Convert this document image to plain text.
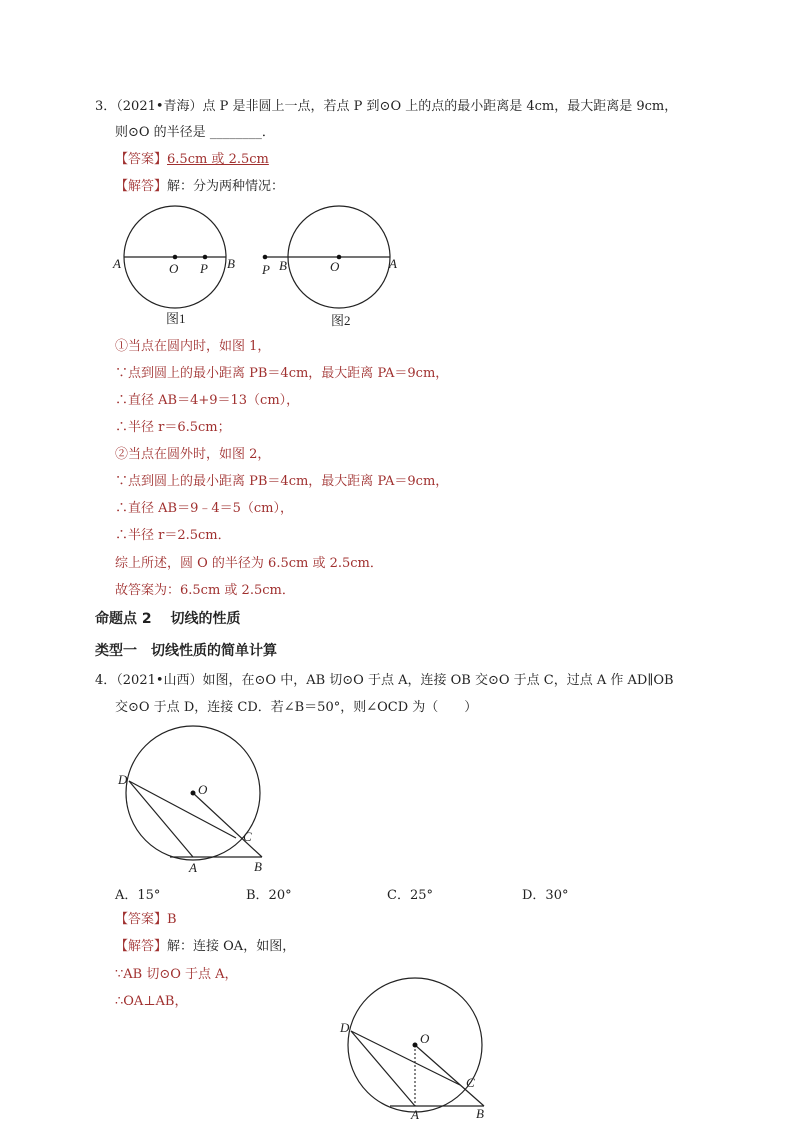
3．（2021•青海）点 P 是非圆上一点，若点 P 到⊙O 上的点的最小距离是 4cm，最大距离是 9cm，
则⊙O 的半径是 ________．
【答案】6.5cm 或 2.5cm
【解答】解：分为两种情况：
A	O P B
图1
P B	O	A
图2
①当点在圆内时，如图 1，
∵点到圆上的最小距离 PB＝4cm，最大距离 PA＝9cm，
∴直径 AB＝4+9＝13（cm），
∴半径 r＝6.5cm；
②当点在圆外时，如图 2，
∵点到圆上的最小距离 PB＝4cm，最大距离 PA＝9cm，
∴直径 AB＝9﹣4＝5（cm），
∴半径 r＝2.5cm．
综上所述，圆 O 的半径为 6.5cm 或 2.5cm．
故答案为：6.5cm 或 2.5cm．
命题点 2　 切线的性质
类型一　切线性质的简单计算
4．（2021•山西）如图，在⊙O 中，AB 切⊙O 于点 A，连接 OB 交⊙O 于点 C，过点 A 作 AD∥OB
交⊙O 于点 D，连接 CD．若∠B＝50°，则∠OCD 为（　　）
D
O
C
A	B
A．15°	B．20°	C．25°	D．30°
【答案】B
【解答】解：连接 OA，如图，
∵AB 切⊙O 于点 A，
∴OA⊥AB，
D
O
C
A	B
